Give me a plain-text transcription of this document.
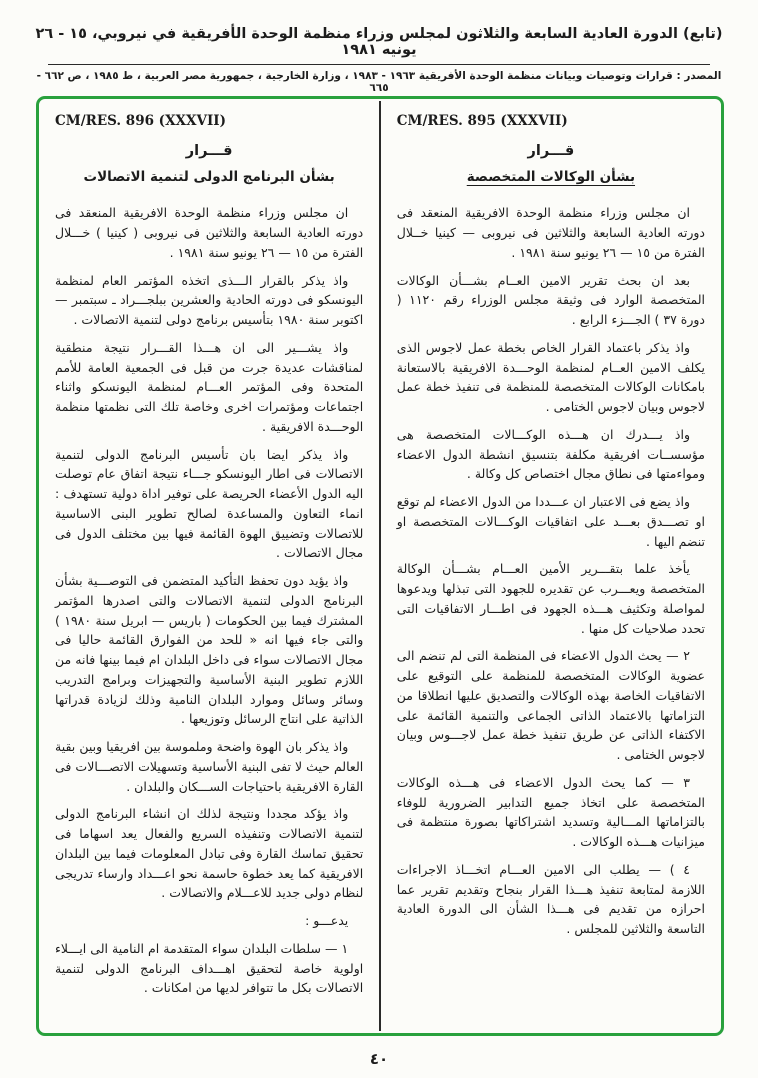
(تابع) الدورة العادية السابعة والثلاثون لمجلس وزراء منظمة الوحدة الأفريقية في نيروبي، ١٥ - ٢٦ يونيه ١٩٨١
المصدر : قرارات وتوصيات وبيانات منظمة الوحدة الأفريقية ١٩٦٣ - ١٩٨٣ ، وزارة الخارجية ، جمهورية مصر العربية ، ط ١٩٨٥ ، ص ٦٦٢ - ٦٦٥
CM/RES. 895 (XXXVII)
قـــرار
بشأن الوكالات المتخصصة

ان مجلس وزراء منظمة الوحدة الافريقية المنعقد فى دورته العادية السابعة والثلاثين فى نيروبى — كينيا خــلال الفترة من ١٥ — ٢٦ يونيو سنة ١٩٨١ .

بعد ان بحث تقرير الامين العــام بشـــأن الوكالات المتخصصة الوارد فى وثيقة مجلس الوزراء رقم ١١٢٠ ( دورة ٣٧ ) الجـــزء الرابع .

واذ يذكر باعتماد القرار الخاص بخطة عمل لاجوس الذى يكلف الامين العــام لمنظمة الوحـــدة الافريقية بالاستعانة بامكانات الوكالات المتخصصة للمنظمة فى تنفيذ خطة عمل لاجوس وبيان لاجوس الختامى .

واذ يـــدرك ان هـــذه الوكـــالات المتخصصة هى مؤسســات افريقية مكلفة بتنسيق انشطة الدول الاعضاء ومواءمتها فى نطاق مجال اختصاص كل وكالة .

واذ يضع فى الاعتبار ان عـــددا من الدول الاعضاء لم توقع او تصـــدق بعـــد على اتفاقيات الوكـــالات المتخصصة او تنضم اليها .

يأخذ علما بتقـــرير الأمين العـــام بشـــأن الوكالة المتخصصة ويعـــرب عن تقديره للجهود التى تبذلها ويدعوها لمواصلة وتكثيف هـــذه الجهود فى اطـــار الاتفاقيات التى تحدد صلاحيات كل منها .

٢ — يحث الدول الاعضاء فى المنظمة التى لم تنضم الى عضوية الوكالات المتخصصة للمنظمة على التوقيع على الاتفاقيات الخاصة بهذه الوكالات والتصديق عليها انطلاقا من التزاماتها بالاعتماد الذاتى الجماعى والتنمية القائمة على الاكتفاء الذاتى عن طريق تنفيذ خطة عمل لاجـــوس وبيان لاجوس الختامى .

٣ — كما يحث الدول الاعضاء فى هـــذه الوكالات المتخصصة على اتخاذ جميع التدابير الضرورية للوفاء بالتزاماتها المـــالية وتسديد اشتراكاتها بصورة منتظمة فى ميزانيات هـــذه الوكالات .

٤ ) — يطلب الى الامين العـــام اتخـــاذ الاجراءات اللازمة لمتابعة تنفيذ هـــذا القرار بنجاح وتقديم تقرير عما احرازه من تقديم فى هـــذا الشأن الى الدورة العادية التاسعة والثلاثين للمجلس .

CM/RES. 896 (XXXVII)
قـــرار
بشأن البرنامج الدولى لتنمية الاتصالات

ان مجلس وزراء منظمة الوحدة الافريقية المنعقد فى دورته العادية السابعة والثلاثين فى نيروبى ( كينيا ) خـــلال الفترة من ١٥ — ٢٦ يونيو سنة ١٩٨١ .

واذ يذكر بالقرار الـــذى اتخذه المؤتمر العام لمنظمة اليونسكو فى دورته الحادية والعشرين ببلجـــراد ـ سبتمبر — اكتوبر سنة ١٩٨٠ بتأسيس برنامج دولى لتنمية الاتصالات .

واذ يشـــير الى ان هـــذا القـــرار نتيجة منطقية لمناقشات عديدة جرت من قبل فى الجمعية العامة للأمم المتحدة وفى المؤتمر العـــام لمنظمة اليونسكو واثناء اجتماعات ومؤتمرات اخرى وخاصة تلك التى نظمتها منظمة الوحـــدة الافريقية .

واذ يذكر ايضا بان تأسيس البرنامج الدولى لتنمية الاتصالات فى اطار اليونسكو جـــاء نتيجة اتفاق عام توصلت اليه الدول الأعضاء الحريصة على توفير اداة دولية تستهدف : انماء التعاون والمساعدة لصالح تطوير البنى الاساسية للاتصالات وتضييق الهوة القائمة فيها بين مختلف الدول فى مجال الاتصالات .

واذ يؤيد دون تحفظ التأكيد المتضمن فى التوصـــية بشأن البرنامج الدولى لتنمية الاتصالات والتى اصدرها المؤتمر المشترك فيما بين الحكومات ( باريس — ابريل سنة ١٩٨٠ ) والتى جاء فيها انه « للحد من الفوارق القائمة حاليا فى مجال الاتصالات سواء فى داخل البلدان ام فيما بينها فانه من اللازم تطوير البنية الأساسية والتجهيزات وبرامج التدريب وسائر وسائل وموارد البلدان النامية وذلك لزيادة قدراتها الذاتية على انتاج الرسائل وتوزيعها .

واذ يذكر بان الهوة واضحة وملموسة بين افريقيا وبين بقية العالم حيث لا تفى البنية الأساسية وتسهيلات الاتصـــالات فى القارة الافريقية باحتياجات الســـكان والبلدان .

واذ يؤكد مجددا ونتيجة لذلك ان انشاء البرنامج الدولى لتنمية الاتصالات وتنفيذه السريع والفعال يعد اسهاما فى تحقيق تماسك القارة وفى تبادل المعلومات فيما بين البلدان الافريقية كما يعد خطوة حاسمة نحو اعـــداد وارساء تدريجى لنظام دولى جديد للاعـــلام والاتصالات .

يدعـــو :

١ — سلطات البلدان سواء المتقدمة ام النامية الى ايـــلاء اولوية خاصة لتحقيق اهـــداف البرنامج الدولى لتنمية الاتصالات بكل ما تتوافر لديها من امكانات .

٤٠
